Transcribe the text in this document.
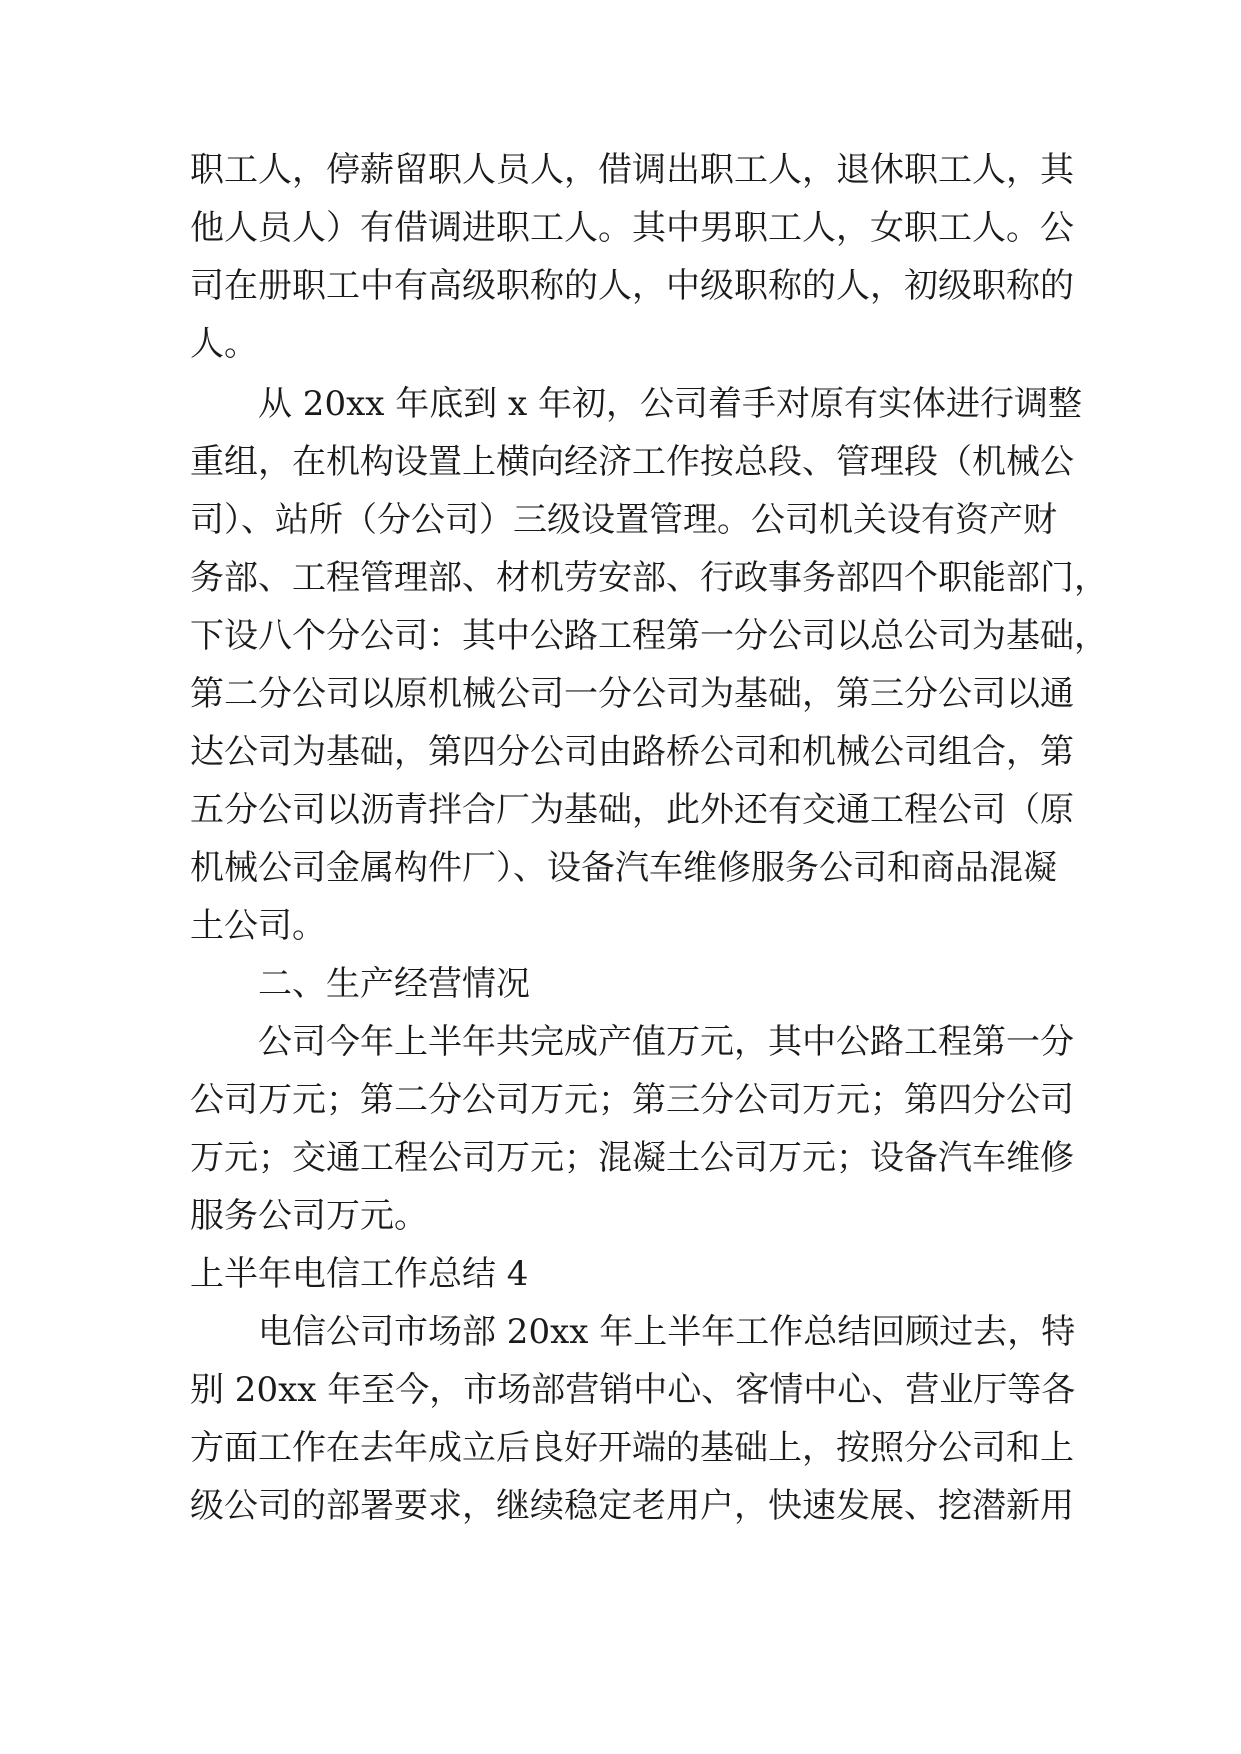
职工人，停薪留职人员人，借调出职工人，退休职工人，其
他人员人）有借调进职工人。其中男职工人，女职工人。公
司在册职工中有高级职称的人，中级职称的人，初级职称的
人。
从 20xx 年底到 x 年初，公司着手对原有实体进行调整
重组，在机构设置上横向经济工作按总段、管理段（机械公
司）、站所（分公司）三级设置管理。公司机关设有资产财
务部、工程管理部、材机劳安部、行政事务部四个职能部门，
下设八个分公司：其中公路工程第一分公司以总公司为基础，
第二分公司以原机械公司一分公司为基础，第三分公司以通
达公司为基础，第四分公司由路桥公司和机械公司组合，第
五分公司以沥青拌合厂为基础，此外还有交通工程公司（原
机械公司金属构件厂）、设备汽车维修服务公司和商品混凝
土公司。
二、生产经营情况
公司今年上半年共完成产值万元，其中公路工程第一分
公司万元；第二分公司万元；第三分公司万元；第四分公司
万元；交通工程公司万元；混凝土公司万元；设备汽车维修
服务公司万元。
上半年电信工作总结 4
电信公司市场部 20xx 年上半年工作总结回顾过去，特
别 20xx 年至今，市场部营销中心、客情中心、营业厅等各
方面工作在去年成立后良好开端的基础上，按照分公司和上
级公司的部署要求，继续稳定老用户，快速发展、挖潜新用
